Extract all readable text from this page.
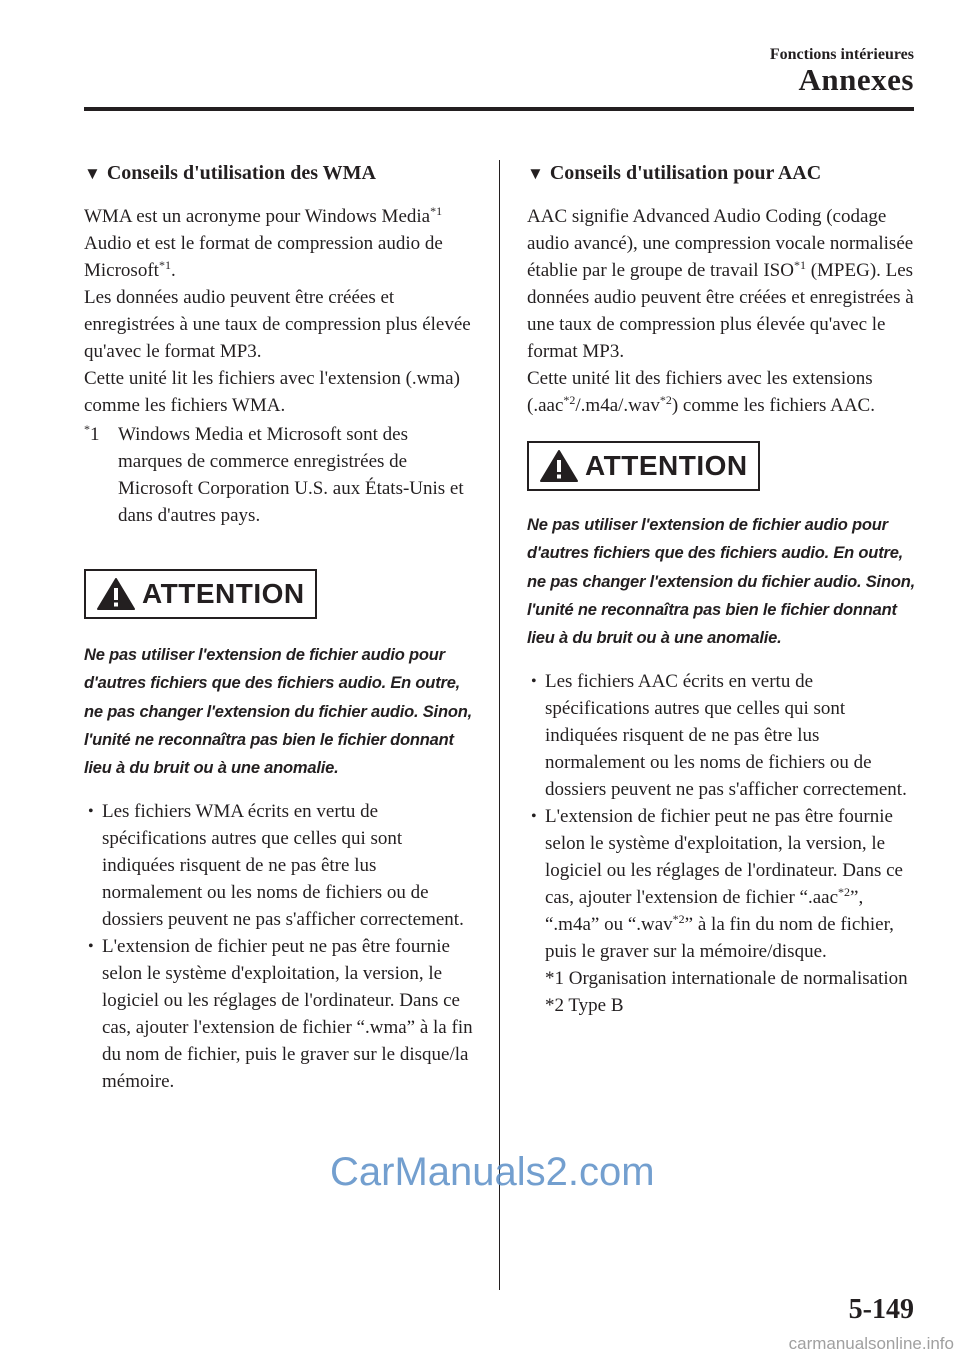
Fonctions intérieures
Annexes
▼ Conseils d'utilisation des WMA

WMA est un acronyme pour Windows Media$^{*1}$ Audio et est le format de compression audio de Microsoft$^{*1}$.

Les données audio peuvent être créées et enregistrées à une taux de compression plus élevée qu'avec le format MP3.

Cette unité lit les fichiers avec l'extension (.wma) comme les fichiers WMA.

*1 Windows Media et Microsoft sont des marques de commerce enregistrées de Microsoft Corporation U.S. aux États-Unis et dans d'autres pays.
ATTENTION

Ne pas utiliser l'extension de fichier audio pour d'autres fichiers que des fichiers audio. En outre, ne pas changer l'extension du fichier audio. Sinon, l'unité ne reconnaîtra pas bien le fichier donnant lieu à du bruit ou à une anomalie.

• Les fichiers WMA écrits en vertu de spécifications autres que celles qui sont indiquées risquent de ne pas être lus normalement ou les noms de fichiers ou de dossiers peuvent ne pas s'afficher correctement.
• L'extension de fichier peut ne pas être fournie selon le système d'exploitation, la version, le logiciel ou les réglages de l'ordinateur. Dans ce cas, ajouter l'extension de fichier “.wma” à la fin du nom de fichier, puis le graver sur le disque/la mémoire.
▼ Conseils d'utilisation pour AAC

AAC signifie Advanced Audio Coding (codage audio avancé), une compression vocale normalisée établie par le groupe de travail ISO$^{*1}$ (MPEG). Les données audio peuvent être créées et enregistrées à une taux de compression plus élevée qu'avec le format MP3.

Cette unité lit des fichiers avec les extensions (.aac$^{*2}$/.m4a/.wav$^{*2}$) comme les fichiers AAC.

ATTENTION

Ne pas utiliser l'extension de fichier audio pour d'autres fichiers que des fichiers audio. En outre, ne pas changer l'extension du fichier audio. Sinon, l'unité ne reconnaîtra pas bien le fichier donnant lieu à du bruit ou à une anomalie.

• Les fichiers AAC écrits en vertu de spécifications autres que celles qui sont indiquées risquent de ne pas être lus normalement ou les noms de fichiers ou de dossiers peuvent ne pas s'afficher correctement.
• L'extension de fichier peut ne pas être fournie selon le système d'exploitation, la version, le logiciel ou les réglages de l'ordinateur. Dans ce cas, ajouter l'extension de fichier “.aac$^{*2}$”, “.m4a” ou “.wav$^{*2}$” à la fin du nom de fichier, puis le graver sur la mémoire/disque.
*1 Organisation internationale de normalisation
*2 Type B
CarManuals2.com
5-149
carmanualsonline.info
